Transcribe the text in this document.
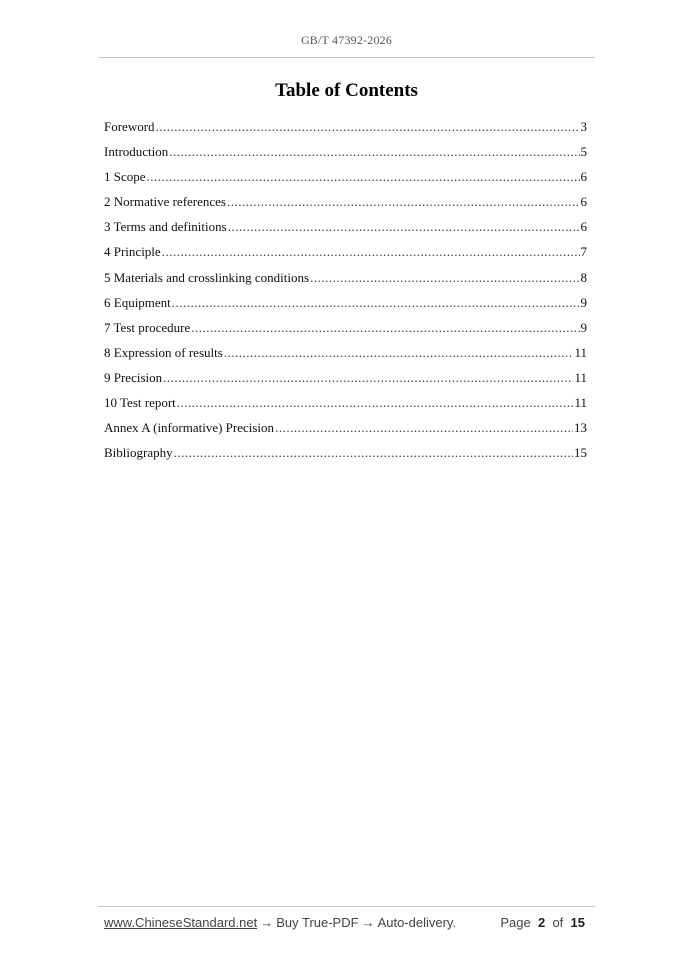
GB/T 47392-2026
Table of Contents
Foreword .....	3
Introduction .....	5
1 Scope .....	6
2 Normative references .....	6
3 Terms and definitions .....	6
4 Principle .....	7
5 Materials and crosslinking conditions .....	8
6 Equipment .....	9
7 Test procedure .....	9
8 Expression of results .....	11
9 Precision .....	11
10 Test report .....	11
Annex A (informative) Precision .....	13
Bibliography .....	15
www.ChineseStandard.net → Buy True-PDF → Auto-delivery.	Page 2 of 15
